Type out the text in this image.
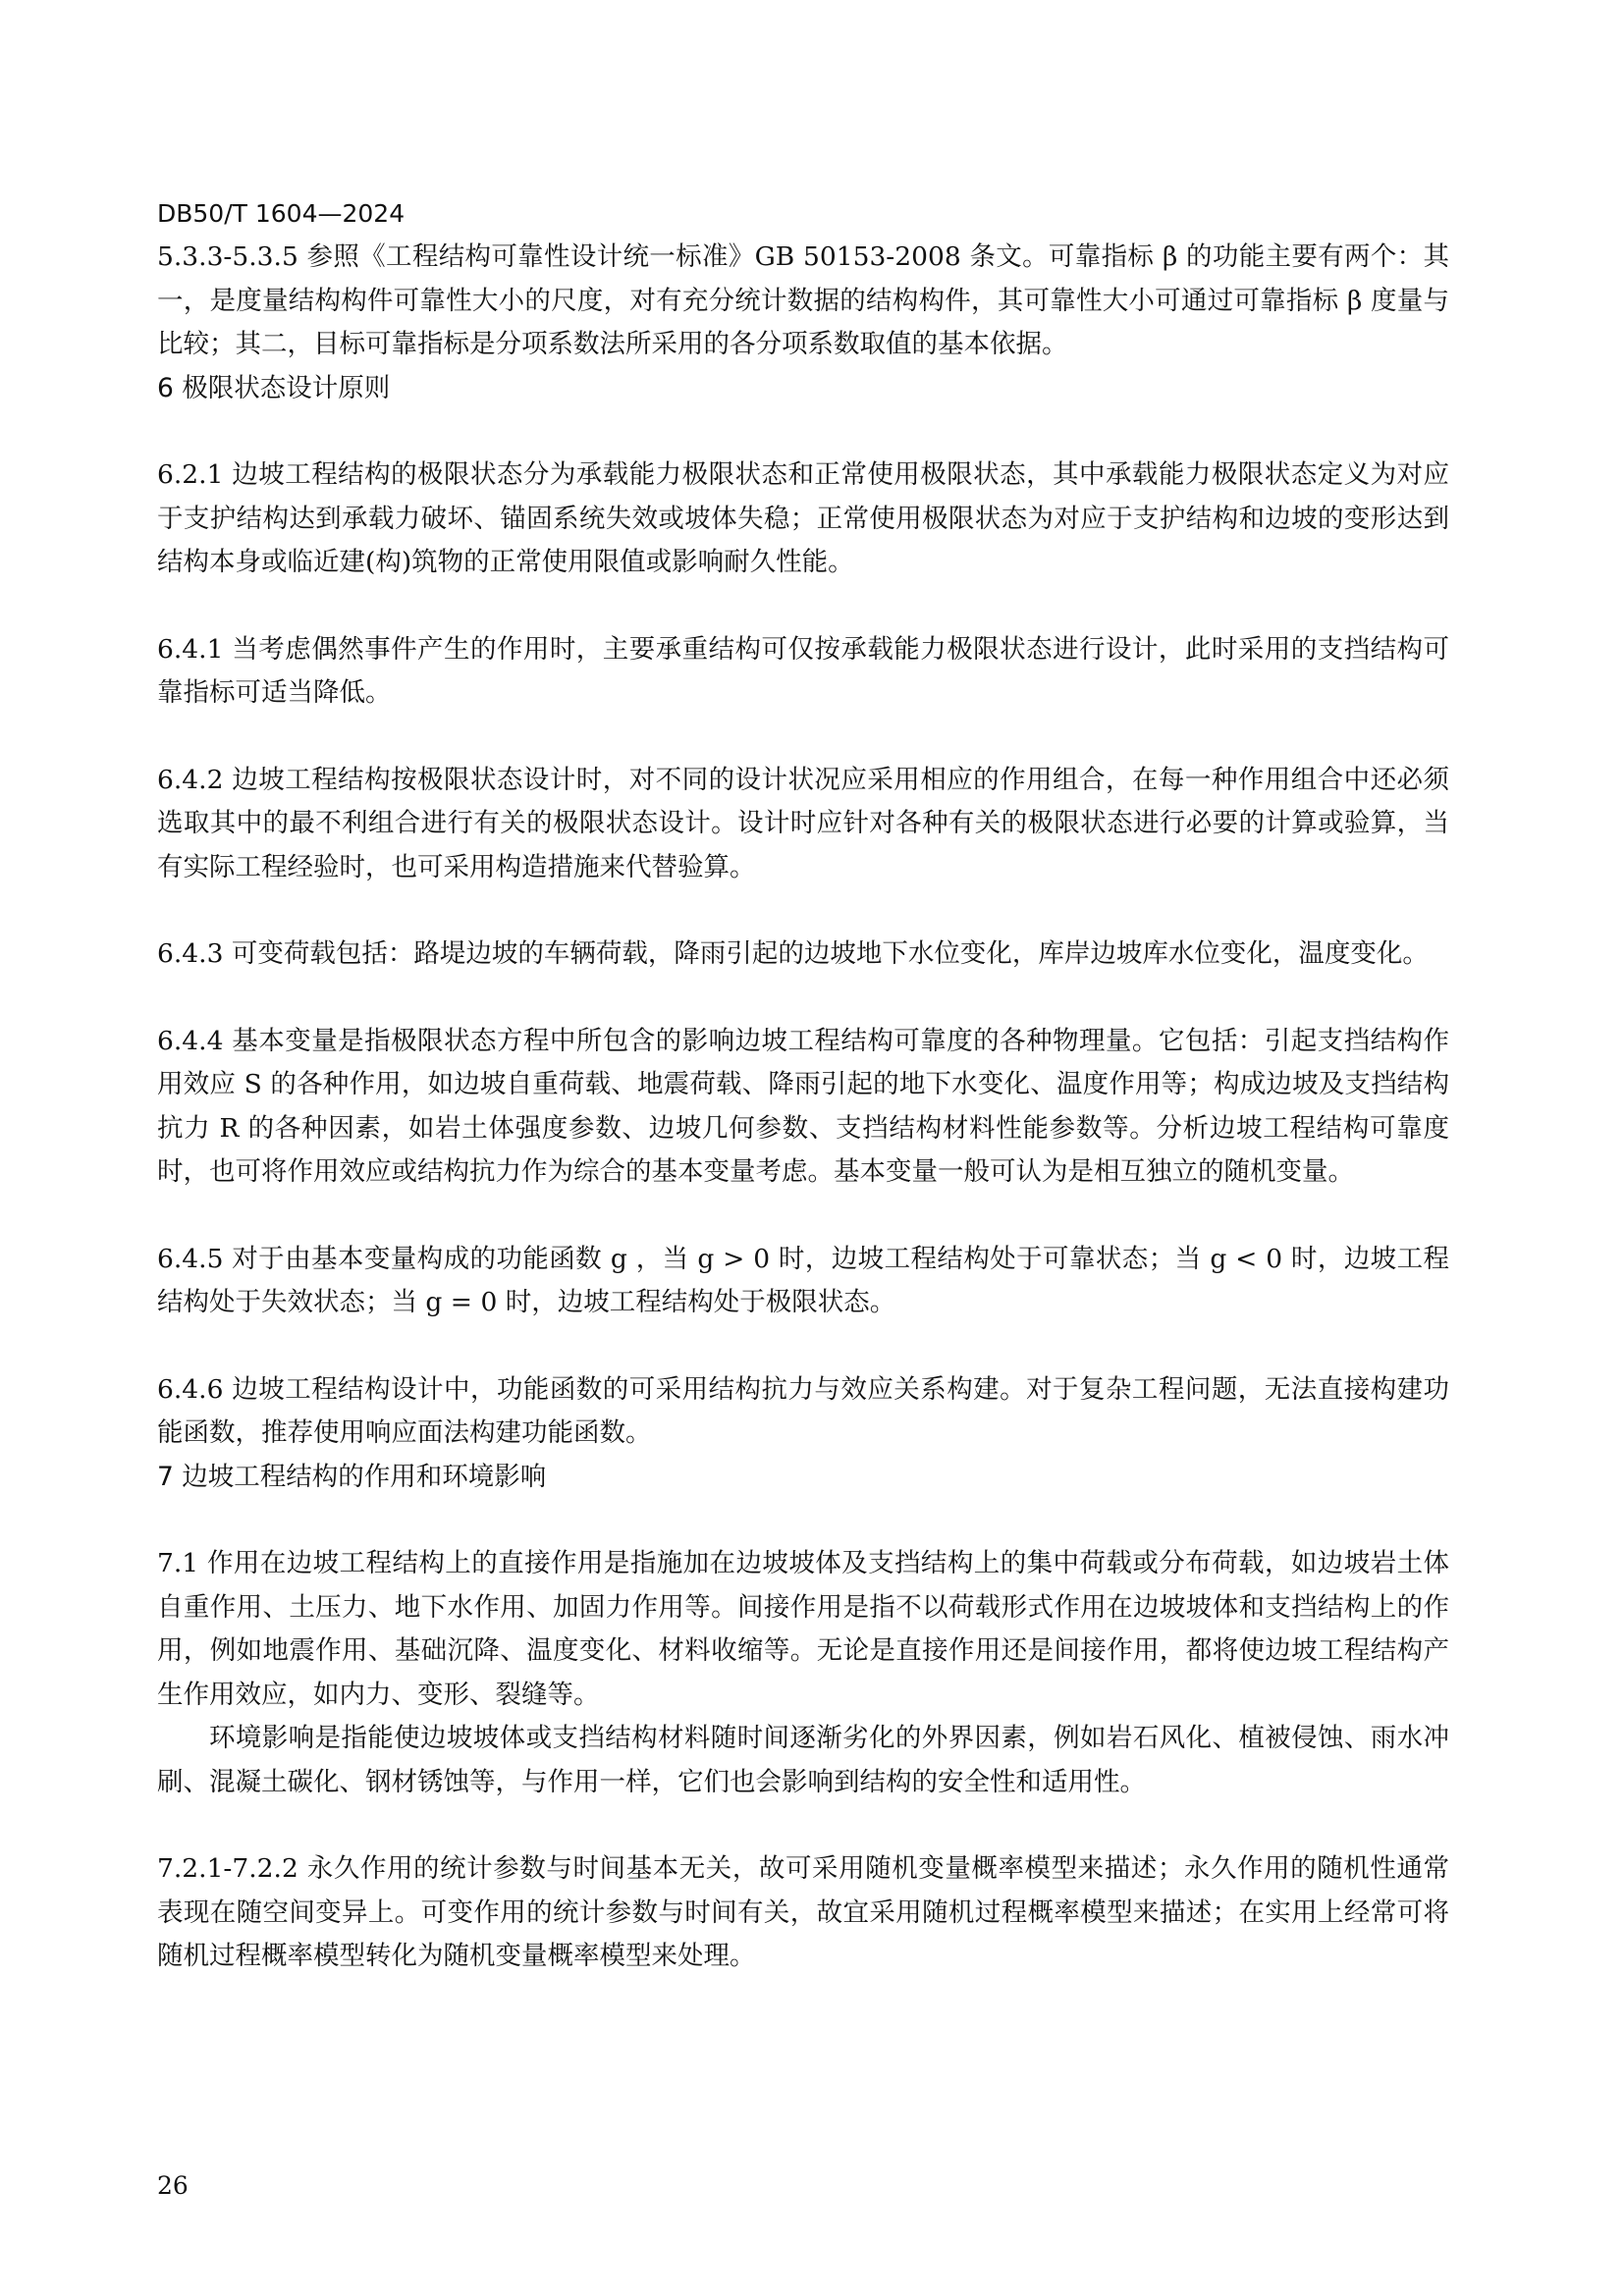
DB50/T 1604—2024

5.3.3-5.3.5 参照《工程结构可靠性设计统一标准》GB 50153-2008 条文。可靠指标 β 的功能主要有两个：其一，是度量结构构件可靠性大小的尺度，对有充分统计数据的结构构件，其可靠性大小可通过可靠指标 β 度量与比较；其二，目标可靠指标是分项系数法所采用的各分项系数取值的基本依据。

6 极限状态设计原则

6.2.1 边坡工程结构的极限状态分为承载能力极限状态和正常使用极限状态，其中承载能力极限状态定义为对应于支护结构达到承载力破坏、锚固系统失效或坡体失稳；正常使用极限状态为对应于支护结构和边坡的变形达到结构本身或临近建(构)筑物的正常使用限值或影响耐久性能。

6.4.1 当考虑偶然事件产生的作用时，主要承重结构可仅按承载能力极限状态进行设计，此时采用的支挡结构可靠指标可适当降低。

6.4.2 边坡工程结构按极限状态设计时，对不同的设计状况应采用相应的作用组合，在每一种作用组合中还必须选取其中的最不利组合进行有关的极限状态设计。设计时应针对各种有关的极限状态进行必要的计算或验算，当有实际工程经验时，也可采用构造措施来代替验算。

6.4.3 可变荷载包括：路堤边坡的车辆荷载，降雨引起的边坡地下水位变化，库岸边坡库水位变化，温度变化。

6.4.4 基本变量是指极限状态方程中所包含的影响边坡工程结构可靠度的各种物理量。它包括：引起支挡结构作用效应 S 的各种作用，如边坡自重荷载、地震荷载、降雨引起的地下水变化、温度作用等；构成边坡及支挡结构抗力 R 的各种因素，如岩土体强度参数、边坡几何参数、支挡结构材料性能参数等。分析边坡工程结构可靠度时，也可将作用效应或结构抗力作为综合的基本变量考虑。基本变量一般可认为是相互独立的随机变量。

6.4.5 对于由基本变量构成的功能函数 g ，当 g > 0 时，边坡工程结构处于可靠状态；当 g < 0 时，边坡工程结构处于失效状态；当 g = 0 时，边坡工程结构处于极限状态。

6.4.6 边坡工程结构设计中，功能函数的可采用结构抗力与效应关系构建。对于复杂工程问题，无法直接构建功能函数，推荐使用响应面法构建功能函数。

7 边坡工程结构的作用和环境影响

7.1 作用在边坡工程结构上的直接作用是指施加在边坡坡体及支挡结构上的集中荷载或分布荷载，如边坡岩土体自重作用、土压力、地下水作用、加固力作用等。间接作用是指不以荷载形式作用在边坡坡体和支挡结构上的作用，例如地震作用、基础沉降、温度变化、材料收缩等。无论是直接作用还是间接作用，都将使边坡工程结构产生作用效应，如内力、变形、裂缝等。

环境影响是指能使边坡坡体或支挡结构材料随时间逐渐劣化的外界因素，例如岩石风化、植被侵蚀、雨水冲刷、混凝土碳化、钢材锈蚀等，与作用一样，它们也会影响到结构的安全性和适用性。

7.2.1-7.2.2 永久作用的统计参数与时间基本无关，故可采用随机变量概率模型来描述；永久作用的随机性通常表现在随空间变异上。可变作用的统计参数与时间有关，故宜采用随机过程概率模型来描述；在实用上经常可将随机过程概率模型转化为随机变量概率模型来处理。

26
